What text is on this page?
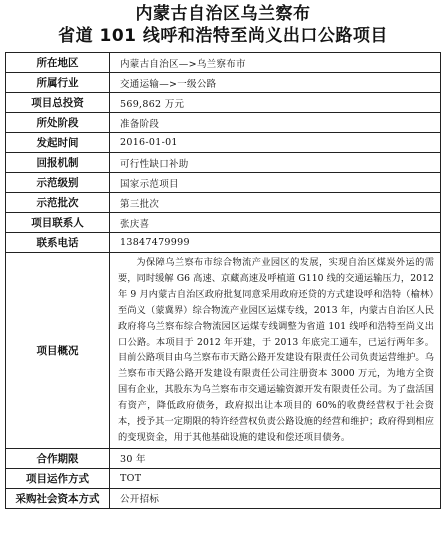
内蒙古自治区乌兰察布
省道 101 线呼和浩特至尚义出口公路项目
所在地区	内蒙古自治区—>乌兰察布市
所属行业	交通运输—>一级公路
项目总投资	569,862 万元
所处阶段	准备阶段
发起时间	2016-01-01
回报机制	可行性缺口补助
示范级别	国家示范项目
示范批次	第三批次
项目联系人	张庆喜
联系电话	13847479999
项目概况	为保障乌兰察布市综合物流产业园区的发展，实现自治区煤炭外运的需要，同时缓解 G6 高速、京藏高速及呼植道 G110 线的交通运输压力，2012 年 9 月内蒙古自治区政府批复同意采用政府还贷的方式建设呼和浩特（榆林）至尚义（蒙冀界）综合物流产业园区运煤专线，2013 年，内蒙古自治区人民政府将乌兰察布综合物流园区运煤专线调整为省道 101 线呼和浩特至尚义出口公路。本项目于 2012 年开建，于 2013 年底完工通车，已运行两年多。目前公路项目由乌兰察布市天路公路开发建设有限责任公司负责运营维护。乌兰察布市天路公路开发建设有限责任公司注册资本 3000 万元，为地方全资国有企业，其股东为乌兰察布市交通运输资源开发有限责任公司。为了盘活国有资产，降低政府债务，政府拟出让本项目的 60%的收费经营权于社会资本，授予其一定期限的特许经营权负责公路设施的经营和维护；政府得到相应的变现资金，用于其他基础设施的建设和偿还项目债务。

合作期限	30 年
项目运作方式	TOT
采购社会资本方式	公开招标
